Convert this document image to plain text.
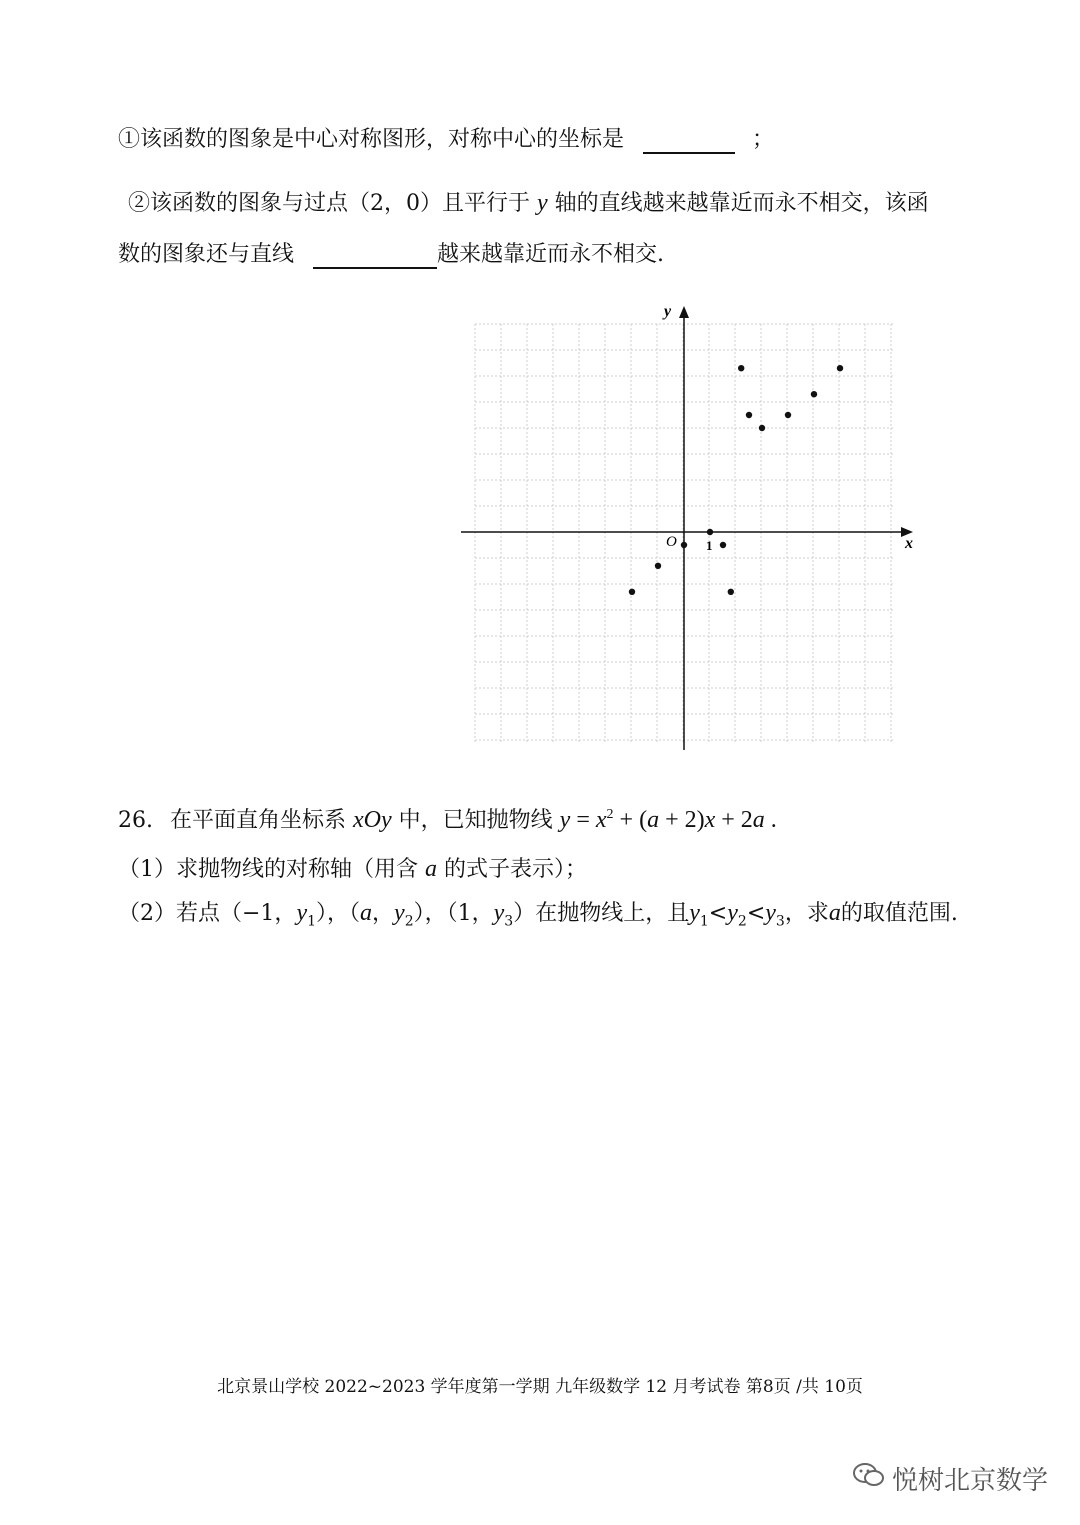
①该函数的图象是中心对称图形，对称中心的坐标是	；
②该函数的图象与过点（2，0）且平行于 y 轴的直线越来越靠近而永不相交，该函
数的图象还与直线	越来越靠近而永不相交.
x
y
O 1
26. 在平面直角坐标系 xOy 中，已知抛物线 $y = x^2 + (a + 2)x + 2a$ .
（1）求抛物线的对称轴（用含 a 的式子表示）；
（2）若点（−1，$y_1$），（a，$y_2$），（1，$y_3$）在抛物线上，且$y_1<y_2<y_3$，求a的取值范围.
北京景山学校 2022~2023 学年度第一学期 九年级数学 12 月考试卷 第8页 /共 10页
悦树北京数学
